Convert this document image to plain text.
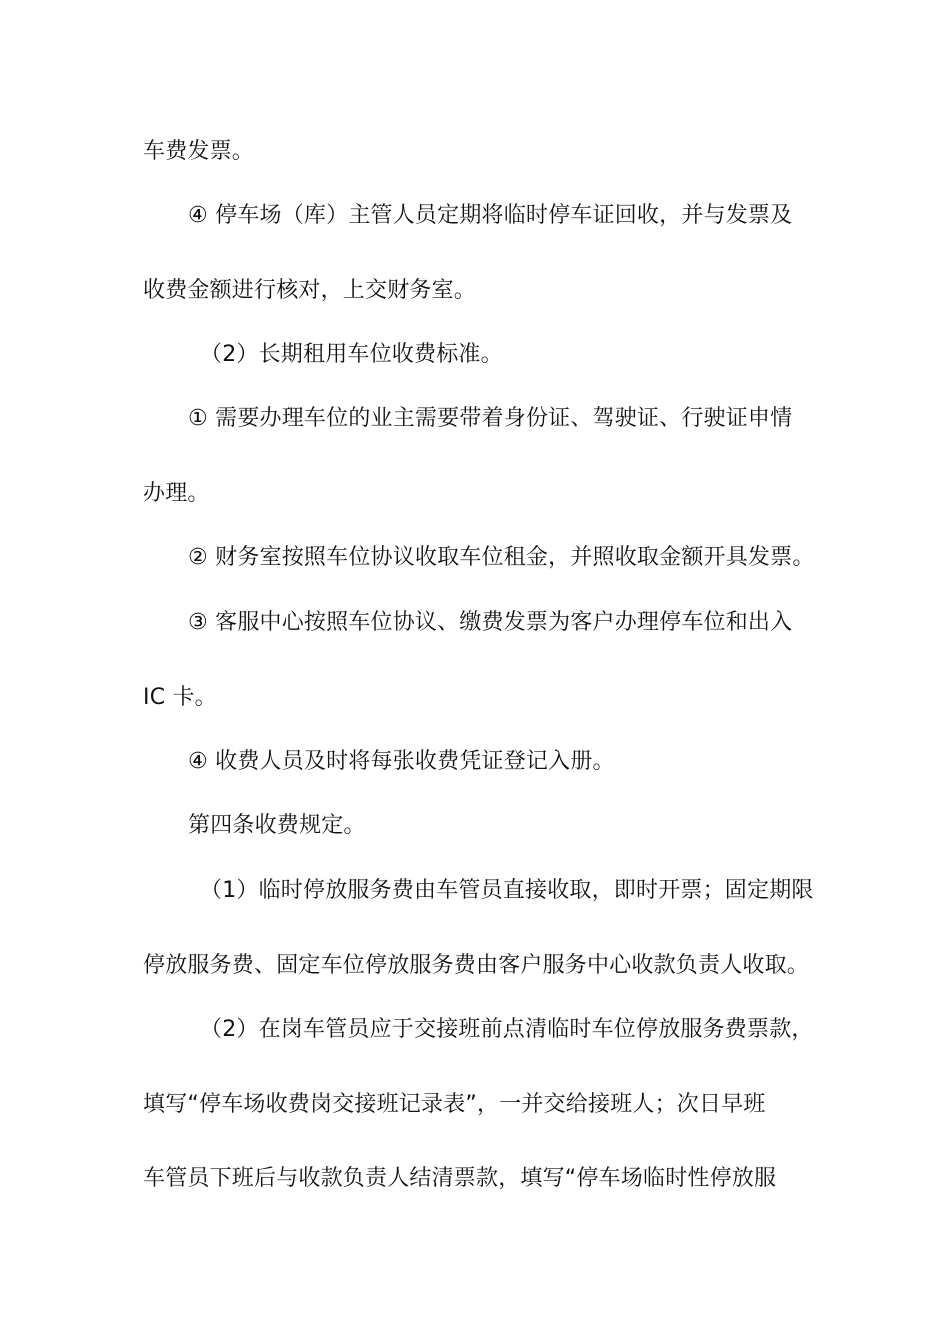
车费发票。
④ 停车场（库）主管人员定期将临时停车证回收，并与发票及
收费金额进行核对，上交财务室。
（2）长期租用车位收费标准。
① 需要办理车位的业主需要带着身份证、驾驶证、行驶证申情
办理。
② 财务室按照车位协议收取车位租金，并照收取金额开具发票。
③ 客服中心按照车位协议、缴费发票为客户办理停车位和出入
IC 卡。
④ 收费人员及时将每张收费凭证登记入册。
第四条收费规定。
（1）临时停放服务费由车管员直接收取，即时开票；固定期限
停放服务费、固定车位停放服务费由客户服务中心收款负责人收取。
（2）在岗车管员应于交接班前点清临时车位停放服务费票款，
填写“停车场收费岗交接班记录表”，一并交给接班人；次日早班
车管员下班后与收款负责人结清票款，填写“停车场临时性停放服
